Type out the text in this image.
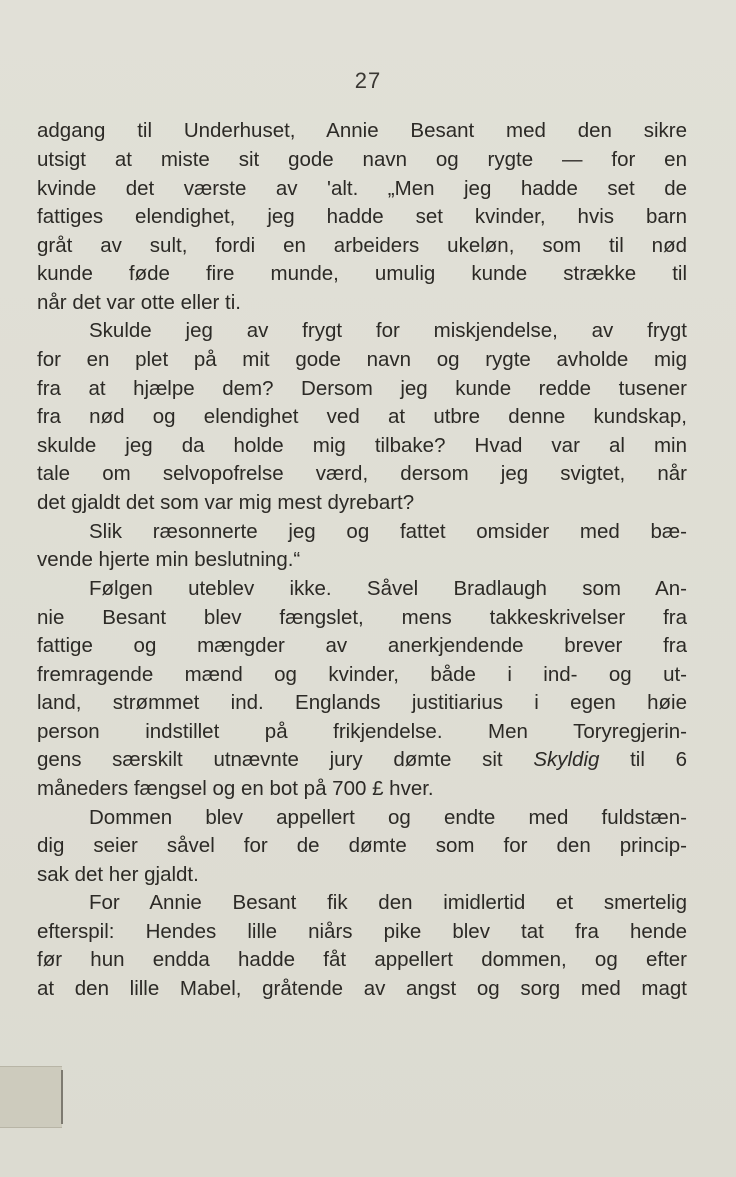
27
adgang til Underhuset, Annie Besant med den sikre
utsigt at miste sit gode navn og rygte — for en
kvinde det værste av 'alt. „Men jeg hadde set de
fattiges elendighet, jeg hadde set kvinder, hvis barn
gråt av sult, fordi en arbeiders ukeløn, som til nød
kunde føde fire munde, umulig kunde strække til
når det var otte eller ti.
Skulde jeg av frygt for miskjendelse, av frygt
for en plet på mit gode navn og rygte avholde mig
fra at hjælpe dem? Dersom jeg kunde redde tusener
fra nød og elendighet ved at utbre denne kundskap,
skulde jeg da holde mig tilbake? Hvad var al min
tale om selvopofrelse værd, dersom jeg svigtet, når
det gjaldt det som var mig mest dyrebart?
Slik ræsonnerte jeg og fattet omsider med bæ-
vende hjerte min beslutning.“
Følgen uteblev ikke. Såvel Bradlaugh som An-
nie Besant blev fængslet, mens takkeskrivelser fra
fattige og mængder av anerkjendende brever fra
fremragende mænd og kvinder, både i ind- og ut-
land, strømmet ind. Englands justitiarius i egen høie
person indstillet på frikjendelse. Men Toryregjerin-
gens særskilt utnævnte jury dømte sit Skyldig til 6
måneders fængsel og en bot på 700 £ hver.
Dommen blev appellert og endte med fuldstæn-
dig seier såvel for de dømte som for den princip-
sak det her gjaldt.
For Annie Besant fik den imidlertid et smertelig
efterspil: Hendes lille niårs pike blev tat fra hende
før hun endda hadde fåt appellert dommen, og efter
at den lille Mabel, gråtende av angst og sorg med magt
